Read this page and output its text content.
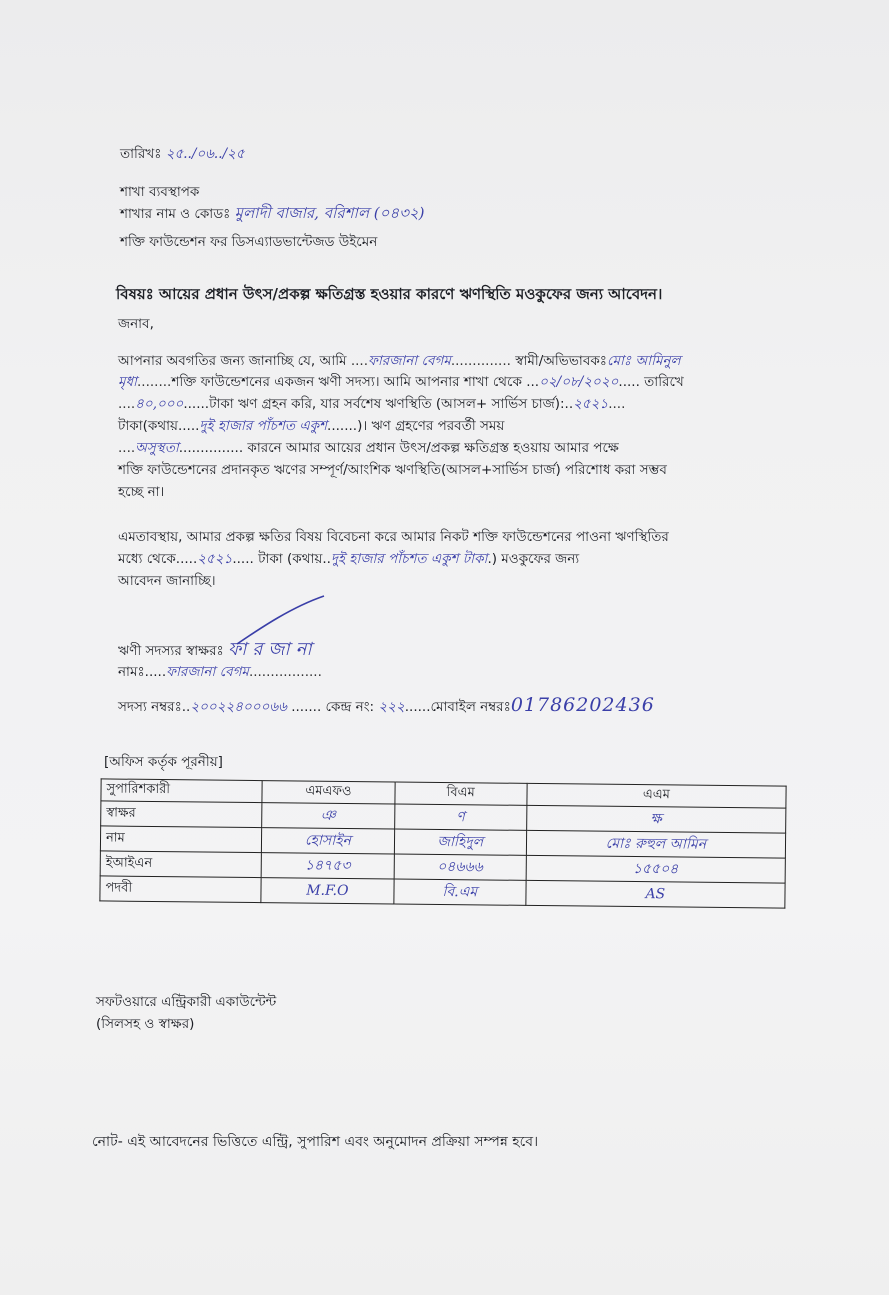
তারিখঃ ২৫../০৬../২৫
শাখা ব্যবস্থাপক
শাখার নাম ও কোডঃ মুলাদী বাজার, বরিশাল (০৪৩২)
শক্তি ফাউন্ডেশন ফর ডিসএ্যাডভান্টেজড উইমেন
বিষয়ঃ আয়ের প্রধান উৎস/প্রকল্প ক্ষতিগ্রস্ত হওয়ার কারণে ঋণস্থিতি মওকুফের জন্য আবেদন।
জনাব,
আপনার অবগতির জন্য জানাচ্ছি যে, আমি ....ফারজানা বেগম.............. স্বামী/অভিভাবকঃমোঃ আমিনুল
মৃধা........শক্তি ফাউন্ডেশনের একজন ঋণী সদস্য। আমি আপনার শাখা থেকে ...০২/০৮/২০২০..... তারিখে
....৪০,০০০......টাকা ঋণ গ্রহন করি, যার সর্বশেষ ঋণস্থিতি (আসল+ সার্ভিস চার্জ):..২৫২১....
টাকা(কথায়.....দুই হাজার পাঁচশত একুশ.......)। ঋণ গ্রহণের পরবর্তী সময়
....অসুস্থতা............... কারনে আমার আয়ের প্রধান উৎস/প্রকল্প ক্ষতিগ্রস্ত হওয়ায় আমার পক্ষে
শক্তি ফাউন্ডেশনের প্রদানকৃত ঋণের সম্পূর্ণ/আংশিক ঋণস্থিতি(আসল+সার্ভিস চার্জ) পরিশোধ করা সম্ভব
হচ্ছে না।
এমতাবস্থায়, আমার প্রকল্প ক্ষতির বিষয় বিবেচনা করে আমার নিকট শক্তি ফাউন্ডেশনের পাওনা ঋণস্থিতির
মধ্যে থেকে.....২৫২১..... টাকা (কথায়..দুই হাজার পাঁচশত একুশ টাকা.) মওকুফের জন্য
আবেদন জানাচ্ছি।
ঋণী সদস্যর স্বাক্ষরঃ ফারজানা
নামঃ.....ফারজানা বেগম.................
সদস্য নম্বরঃ..২০০২২৪০০০৬৬ ....... কেন্দ্র নং: ২২২......মোবাইল নম্বরঃ01786202436
[অফিস কর্তৃক পূরনীয়]
সুপারিশকারী	এমএফও	বিএম	এএম
স্বাক্ষর	ঞ	ণ	ক্ষ
নাম	হোসাইন	জাহিদুল	মোঃ রুহুল আমিন
ইআইএন	১৪৭৫৩	০৪৬৬৬	১৫৫০৪
পদবী	M.F.O	বি.এম	AS
সফটওয়ারে এন্ট্রিকারী একাউন্টেন্ট
(সিলসহ ও স্বাক্ষর)
নোট- এই আবেদনের ভিত্তিতে এন্ট্রি, সুপারিশ এবং অনুমোদন প্রক্রিয়া সম্পন্ন হবে।
